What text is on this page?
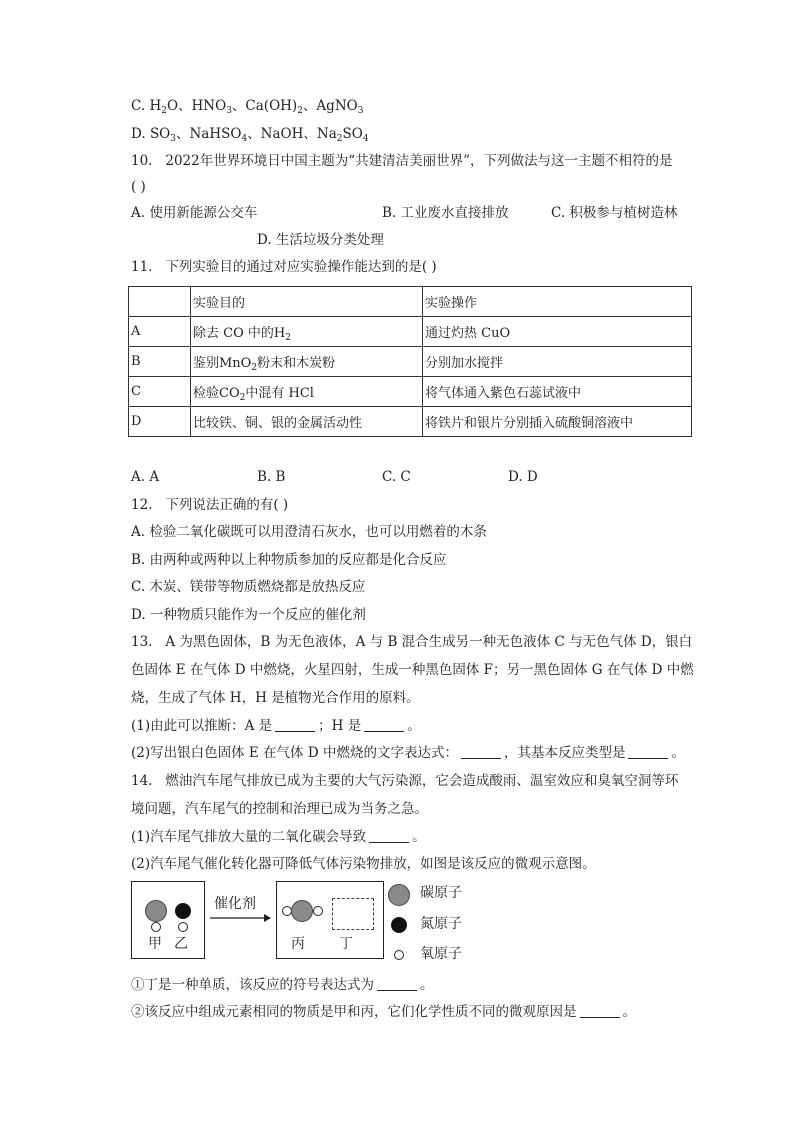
C. $H_2O$、$HNO_3$、$Ca(OH)_2$、AgNO$_3$
D. $SO_3$、NaHSO$_4$、NaOH、$Na_2SO_4$
10. 2022年世界环境日中国主题为“共建清洁美丽世界”，下列做法与这一主题不相符的是
( )
A. 使用新能源公交车	B. 工业废水直接排放	C. 积极参与植树造林
D. 生活垃圾分类处理
11. 下列实验目的通过对应实验操作能达到的是( )
	实验目的	实验操作
A	除去 CO 中的$H_2$	通过灼热 CuO
B	鉴别MnO$_2$粉末和木炭粉	分别加水搅拌
C	检验$CO_2$中混有 HCl	将气体通入紫色石蕊试液中
D	比较铁、铜、银的金属活动性	将铁片和银片分别插入硫酸铜溶液中
A. A	B. B	C. C	D. D
12. 下列说法正确的有( )
A. 检验二氧化碳既可以用澄清石灰水，也可以用燃着的木条
B. 由两种或两种以上种物质参加的反应都是化合反应
C. 木炭、镁带等物质燃烧都是放热反应
D. 一种物质只能作为一个反应的催化剂
13. A 为黑色固体，B 为无色液体，A 与 B 混合生成另一种无色液体 C 与无色气体 D，银白
色固体 E 在气体 D 中燃烧，火星四射，生成一种黑色固体 F；另一黑色固体 G 在气体 D 中燃
烧，生成了气体 H，H 是植物光合作用的原料。
(1)由此可以推断：A 是	；H 是	。
(2)写出银白色固体 E 在气体 D 中燃烧的文字表达式：	，其基本反应类型是	。
14. 燃油汽车尾气排放已成为主要的大气污染源，它会造成酸雨、温室效应和臭氧空洞等环
境问题，汽车尾气的控制和治理已成为当务之急。
(1)汽车尾气排放大量的二氧化碳会导致	。
(2)汽车尾气催化转化器可降低气体污染物排放，如图是该反应的微观示意图。
甲 乙
催化剂
丙 丁
碳原子
氮原子
氧原子
①丁是一种单质，该反应的符号表达式为	。
②该反应中组成元素相同的物质是甲和丙，它们化学性质不同的微观原因是	。
